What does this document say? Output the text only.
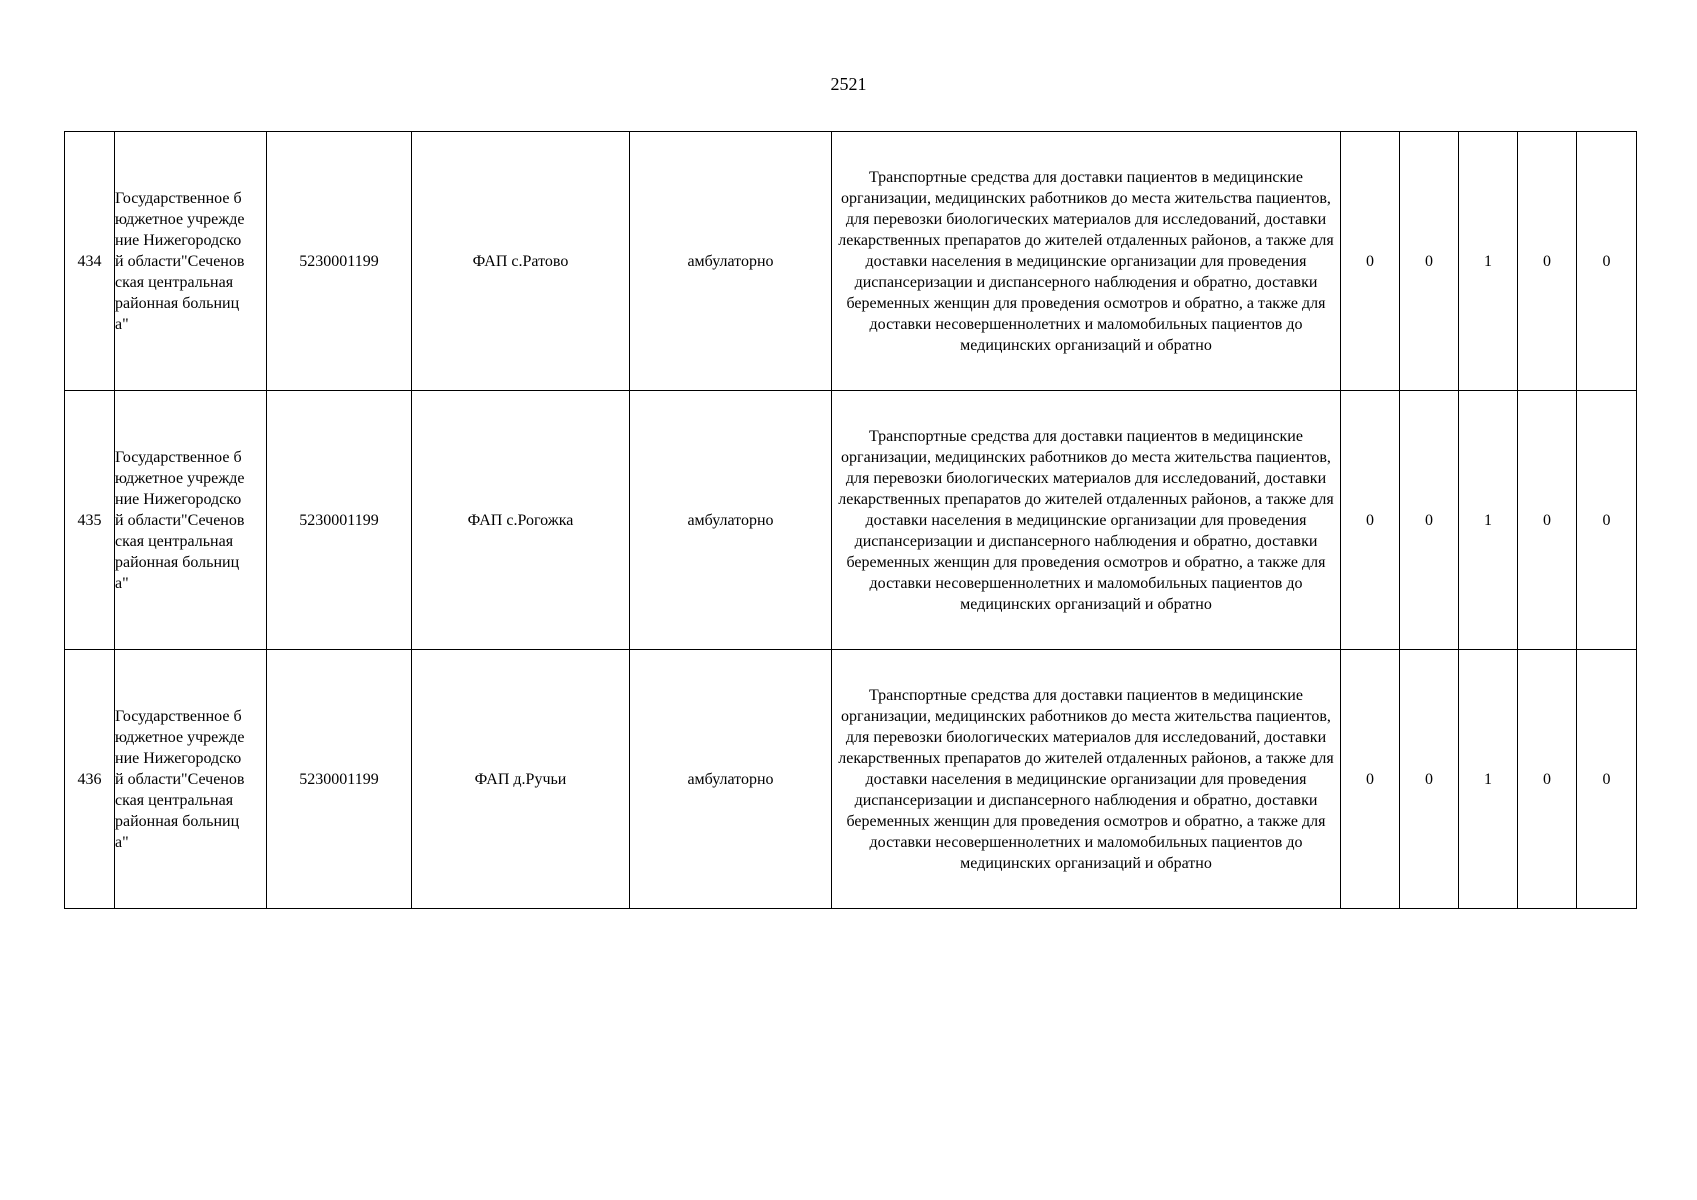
2521
434	Государственное бюджетное учреждение Нижегородской области"Сеченовская центральная районная больница"	5230001199	ФАП с.Ратово	амбулаторно	Транспортные средства для доставки пациентов в медицинские организации, медицинских работников до места жительства пациентов, для перевозки биологических материалов для исследований, доставки лекарственных препаратов до жителей отдаленных районов, а также для доставки населения в медицинские организации для проведения диспансеризации и диспансерного наблюдения и обратно, доставки беременных женщин для проведения осмотров и обратно, а также для доставки несовершеннолетних и маломобильных пациентов до медицинских организаций и обратно	0	0	1	0	0
435	Государственное бюджетное учреждение Нижегородской области"Сеченовская центральная районная больница"	5230001199	ФАП с.Рогожка	амбулаторно	Транспортные средства для доставки пациентов в медицинские организации, медицинских работников до места жительства пациентов, для перевозки биологических материалов для исследований, доставки лекарственных препаратов до жителей отдаленных районов, а также для доставки населения в медицинские организации для проведения диспансеризации и диспансерного наблюдения и обратно, доставки беременных женщин для проведения осмотров и обратно, а также для доставки несовершеннолетних и маломобильных пациентов до медицинских организаций и обратно	0	0	1	0	0
436	Государственное бюджетное учреждение Нижегородской области"Сеченовская центральная районная больница"	5230001199	ФАП д.Ручьи	амбулаторно	Транспортные средства для доставки пациентов в медицинские организации, медицинских работников до места жительства пациентов, для перевозки биологических материалов для исследований, доставки лекарственных препаратов до жителей отдаленных районов, а также для доставки населения в медицинские организации для проведения диспансеризации и диспансерного наблюдения и обратно, доставки беременных женщин для проведения осмотров и обратно, а также для доставки несовершеннолетних и маломобильных пациентов до медицинских организаций и обратно	0	0	1	0	0
